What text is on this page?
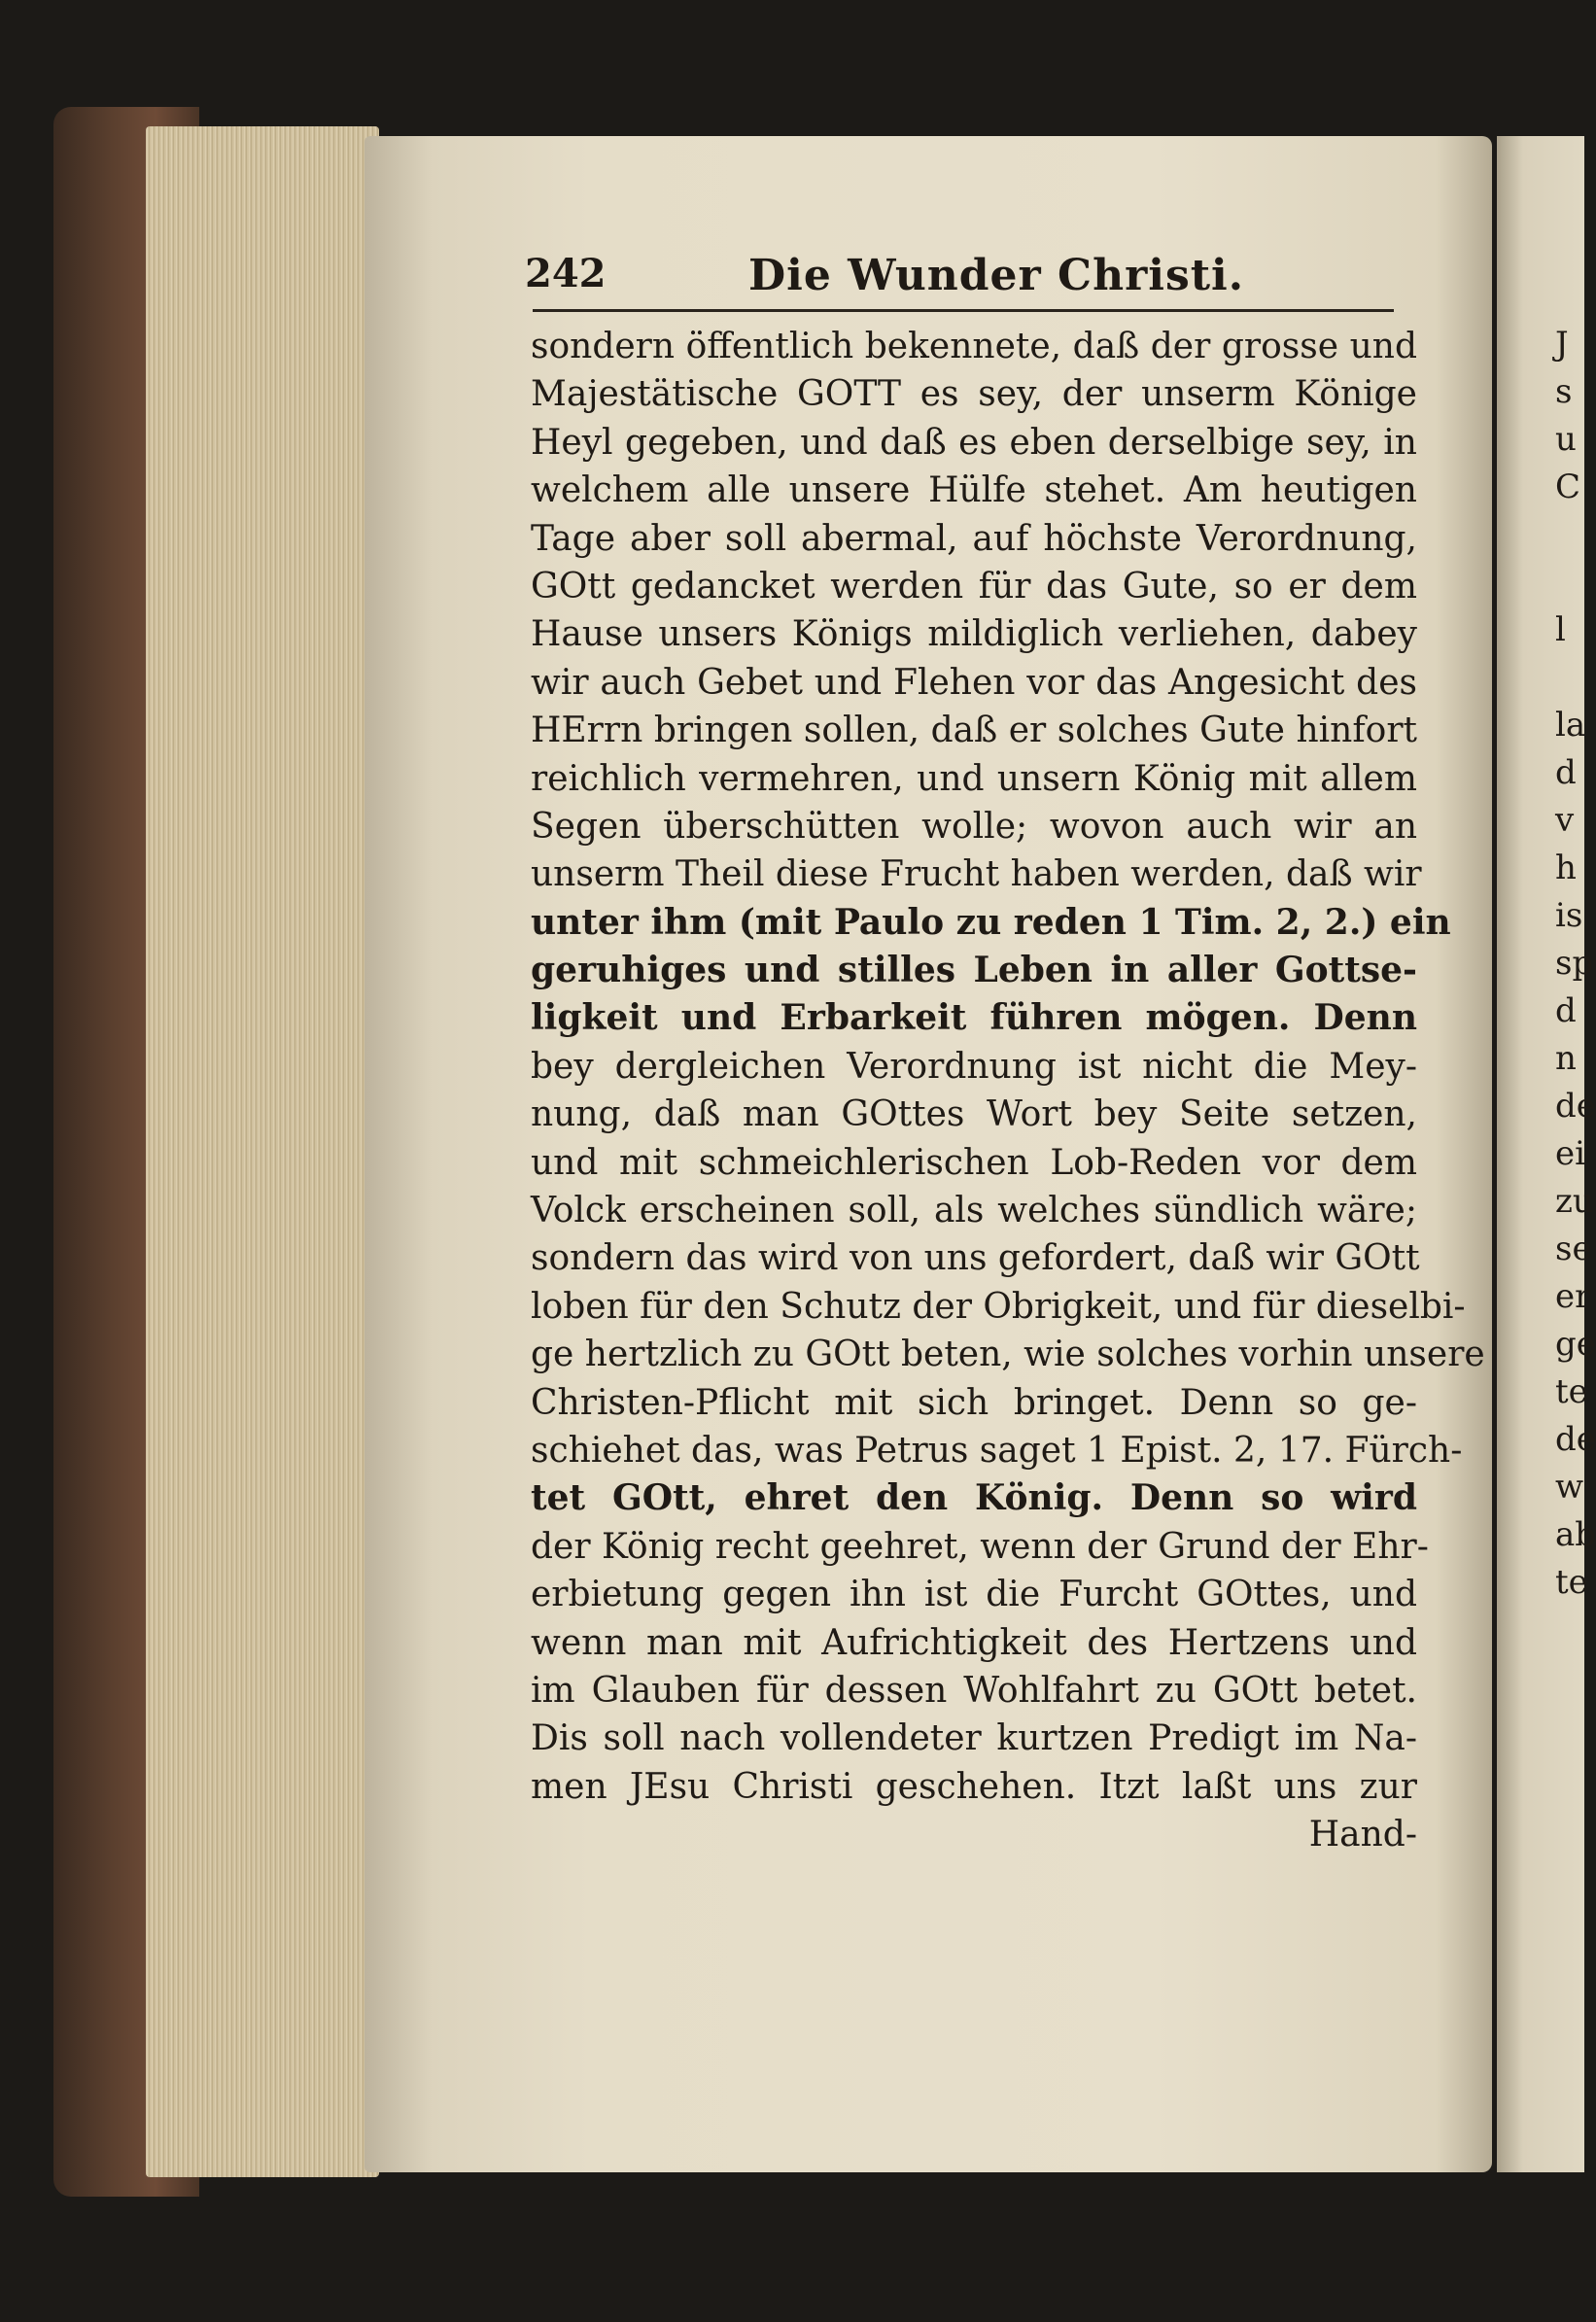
242	Die Wunder Christi.
sondern öffentlich bekennete, daß der grosse und
Majestätische GOTT es sey, der unserm Könige
Heyl gegeben, und daß es eben derselbige sey, in
welchem alle unsere Hülfe stehet. Am heutigen
Tage aber soll abermal, auf höchste Verordnung,
GOtt gedancket werden für das Gute, so er dem
Hause unsers Königs mildiglich verliehen, dabey
wir auch Gebet und Flehen vor das Angesicht des
HErrn bringen sollen, daß er solches Gute hinfort
reichlich vermehren, und unsern König mit allem
Segen überschütten wolle; wovon auch wir an
unserm Theil diese Frucht haben werden, daß wir
unter ihm (mit Paulo zu reden 1 Tim. 2, 2.) ein
geruhiges und stilles Leben in aller Gottse-
ligkeit und Erbarkeit führen mögen. Denn
bey dergleichen Verordnung ist nicht die Mey-
nung, daß man GOttes Wort bey Seite setzen,
und mit schmeichlerischen Lob-Reden vor dem
Volck erscheinen soll, als welches sündlich wäre;
sondern das wird von uns gefordert, daß wir GOtt
loben für den Schutz der Obrigkeit, und für dieselbi-
ge hertzlich zu GOtt beten, wie solches vorhin unsere
Christen-Pflicht mit sich bringet. Denn so ge-
schiehet das, was Petrus saget 1 Epist. 2, 17. Fürch-
tet GOtt, ehret den König. Denn so wird
der König recht geehret, wenn der Grund der Ehr-
erbietung gegen ihn ist die Furcht GOttes, und
wenn man mit Aufrichtigkeit des Hertzens und
im Glauben für dessen Wohlfahrt zu GOtt betet.
Dis soll nach vollendeter kurtzen Predigt im Na-
men JEsu Christi geschehen. Itzt laßt uns zur
Hand-
J
s
u
C
l
la
d
v
h
is
sp
d
n
de
ei
zu
se
er
ge
te
de
w
ab
te
